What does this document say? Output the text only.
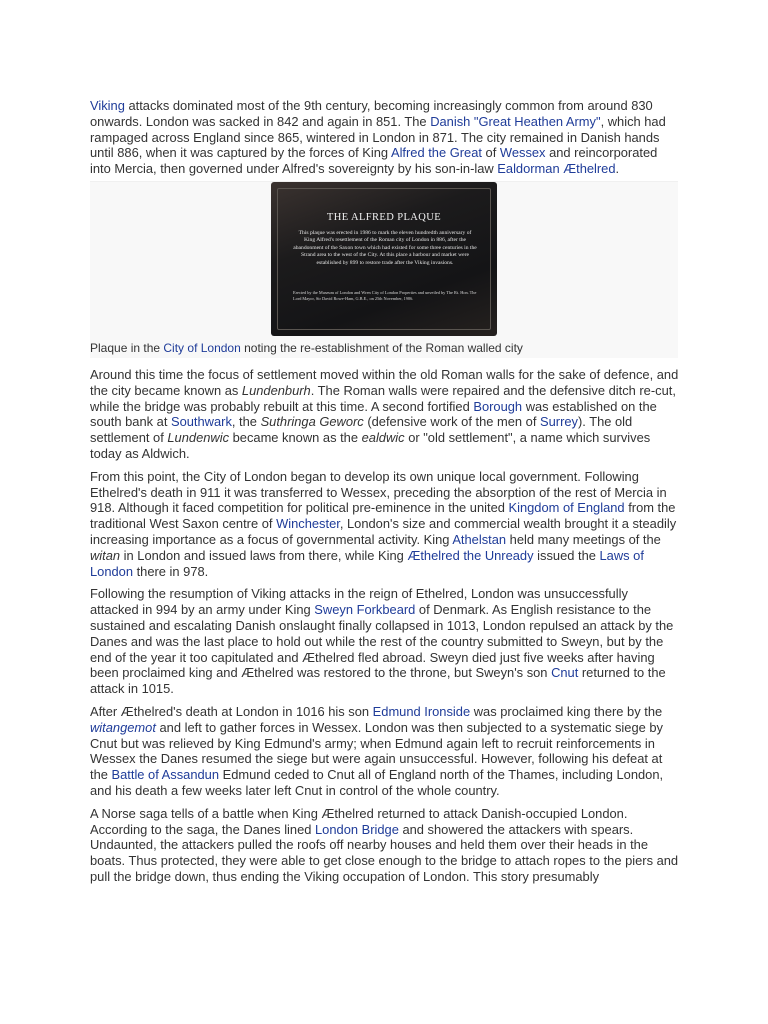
Viking attacks dominated most of the 9th century, becoming increasingly common from around 830 onwards. London was sacked in 842 and again in 851. The Danish "Great Heathen Army", which had rampaged across England since 865, wintered in London in 871. The city remained in Danish hands until 886, when it was captured by the forces of King Alfred the Great of Wessex and reincorporated into Mercia, then governed under Alfred's sovereignty by his son-in-law Ealdorman Æthelred.

THE ALFRED PLAQUE
This plaque was erected in 1986 to mark the eleven hundredth anniversary of King Alfred's resettlement of the Roman city of London in 886, after the abandonment of the Saxon town which had existed for some three centuries in the Strand area to the west of the City. At this place a harbour and market were established by 899 to restore trade after the Viking invasions.
Erected by the Museum of London and Wren City of London Properties and unveiled by The Rt. Hon. The Lord Mayor, Sir David Rowe-Ham, G.B.E., on 25th November, 1986.
Plaque in the City of London noting the re-establishment of the Roman walled city

Around this time the focus of settlement moved within the old Roman walls for the sake of defence, and the city became known as Lundenburh. The Roman walls were repaired and the defensive ditch re-cut, while the bridge was probably rebuilt at this time. A second fortified Borough was established on the south bank at Southwark, the Suthringa Geworc (defensive work of the men of Surrey). The old settlement of Lundenwic became known as the ealdwic or "old settlement", a name which survives today as Aldwich.

From this point, the City of London began to develop its own unique local government. Following Ethelred's death in 911 it was transferred to Wessex, preceding the absorption of the rest of Mercia in 918. Although it faced competition for political pre-eminence in the united Kingdom of England from the traditional West Saxon centre of Winchester, London's size and commercial wealth brought it a steadily increasing importance as a focus of governmental activity. King Athelstan held many meetings of the witan in London and issued laws from there, while King Æthelred the Unready issued the Laws of London there in 978.

Following the resumption of Viking attacks in the reign of Ethelred, London was unsuccessfully attacked in 994 by an army under King Sweyn Forkbeard of Denmark. As English resistance to the sustained and escalating Danish onslaught finally collapsed in 1013, London repulsed an attack by the Danes and was the last place to hold out while the rest of the country submitted to Sweyn, but by the end of the year it too capitulated and Æthelred fled abroad. Sweyn died just five weeks after having been proclaimed king and Æthelred was restored to the throne, but Sweyn's son Cnut returned to the attack in 1015.

After Æthelred's death at London in 1016 his son Edmund Ironside was proclaimed king there by the witangemot and left to gather forces in Wessex. London was then subjected to a systematic siege by Cnut but was relieved by King Edmund's army; when Edmund again left to recruit reinforcements in Wessex the Danes resumed the siege but were again unsuccessful. However, following his defeat at the Battle of Assandun Edmund ceded to Cnut all of England north of the Thames, including London, and his death a few weeks later left Cnut in control of the whole country.

A Norse saga tells of a battle when King Æthelred returned to attack Danish-occupied London. According to the saga, the Danes lined London Bridge and showered the attackers with spears. Undaunted, the attackers pulled the roofs off nearby houses and held them over their heads in the boats. Thus protected, they were able to get close enough to the bridge to attach ropes to the piers and pull the bridge down, thus ending the Viking occupation of London. This story presumably
